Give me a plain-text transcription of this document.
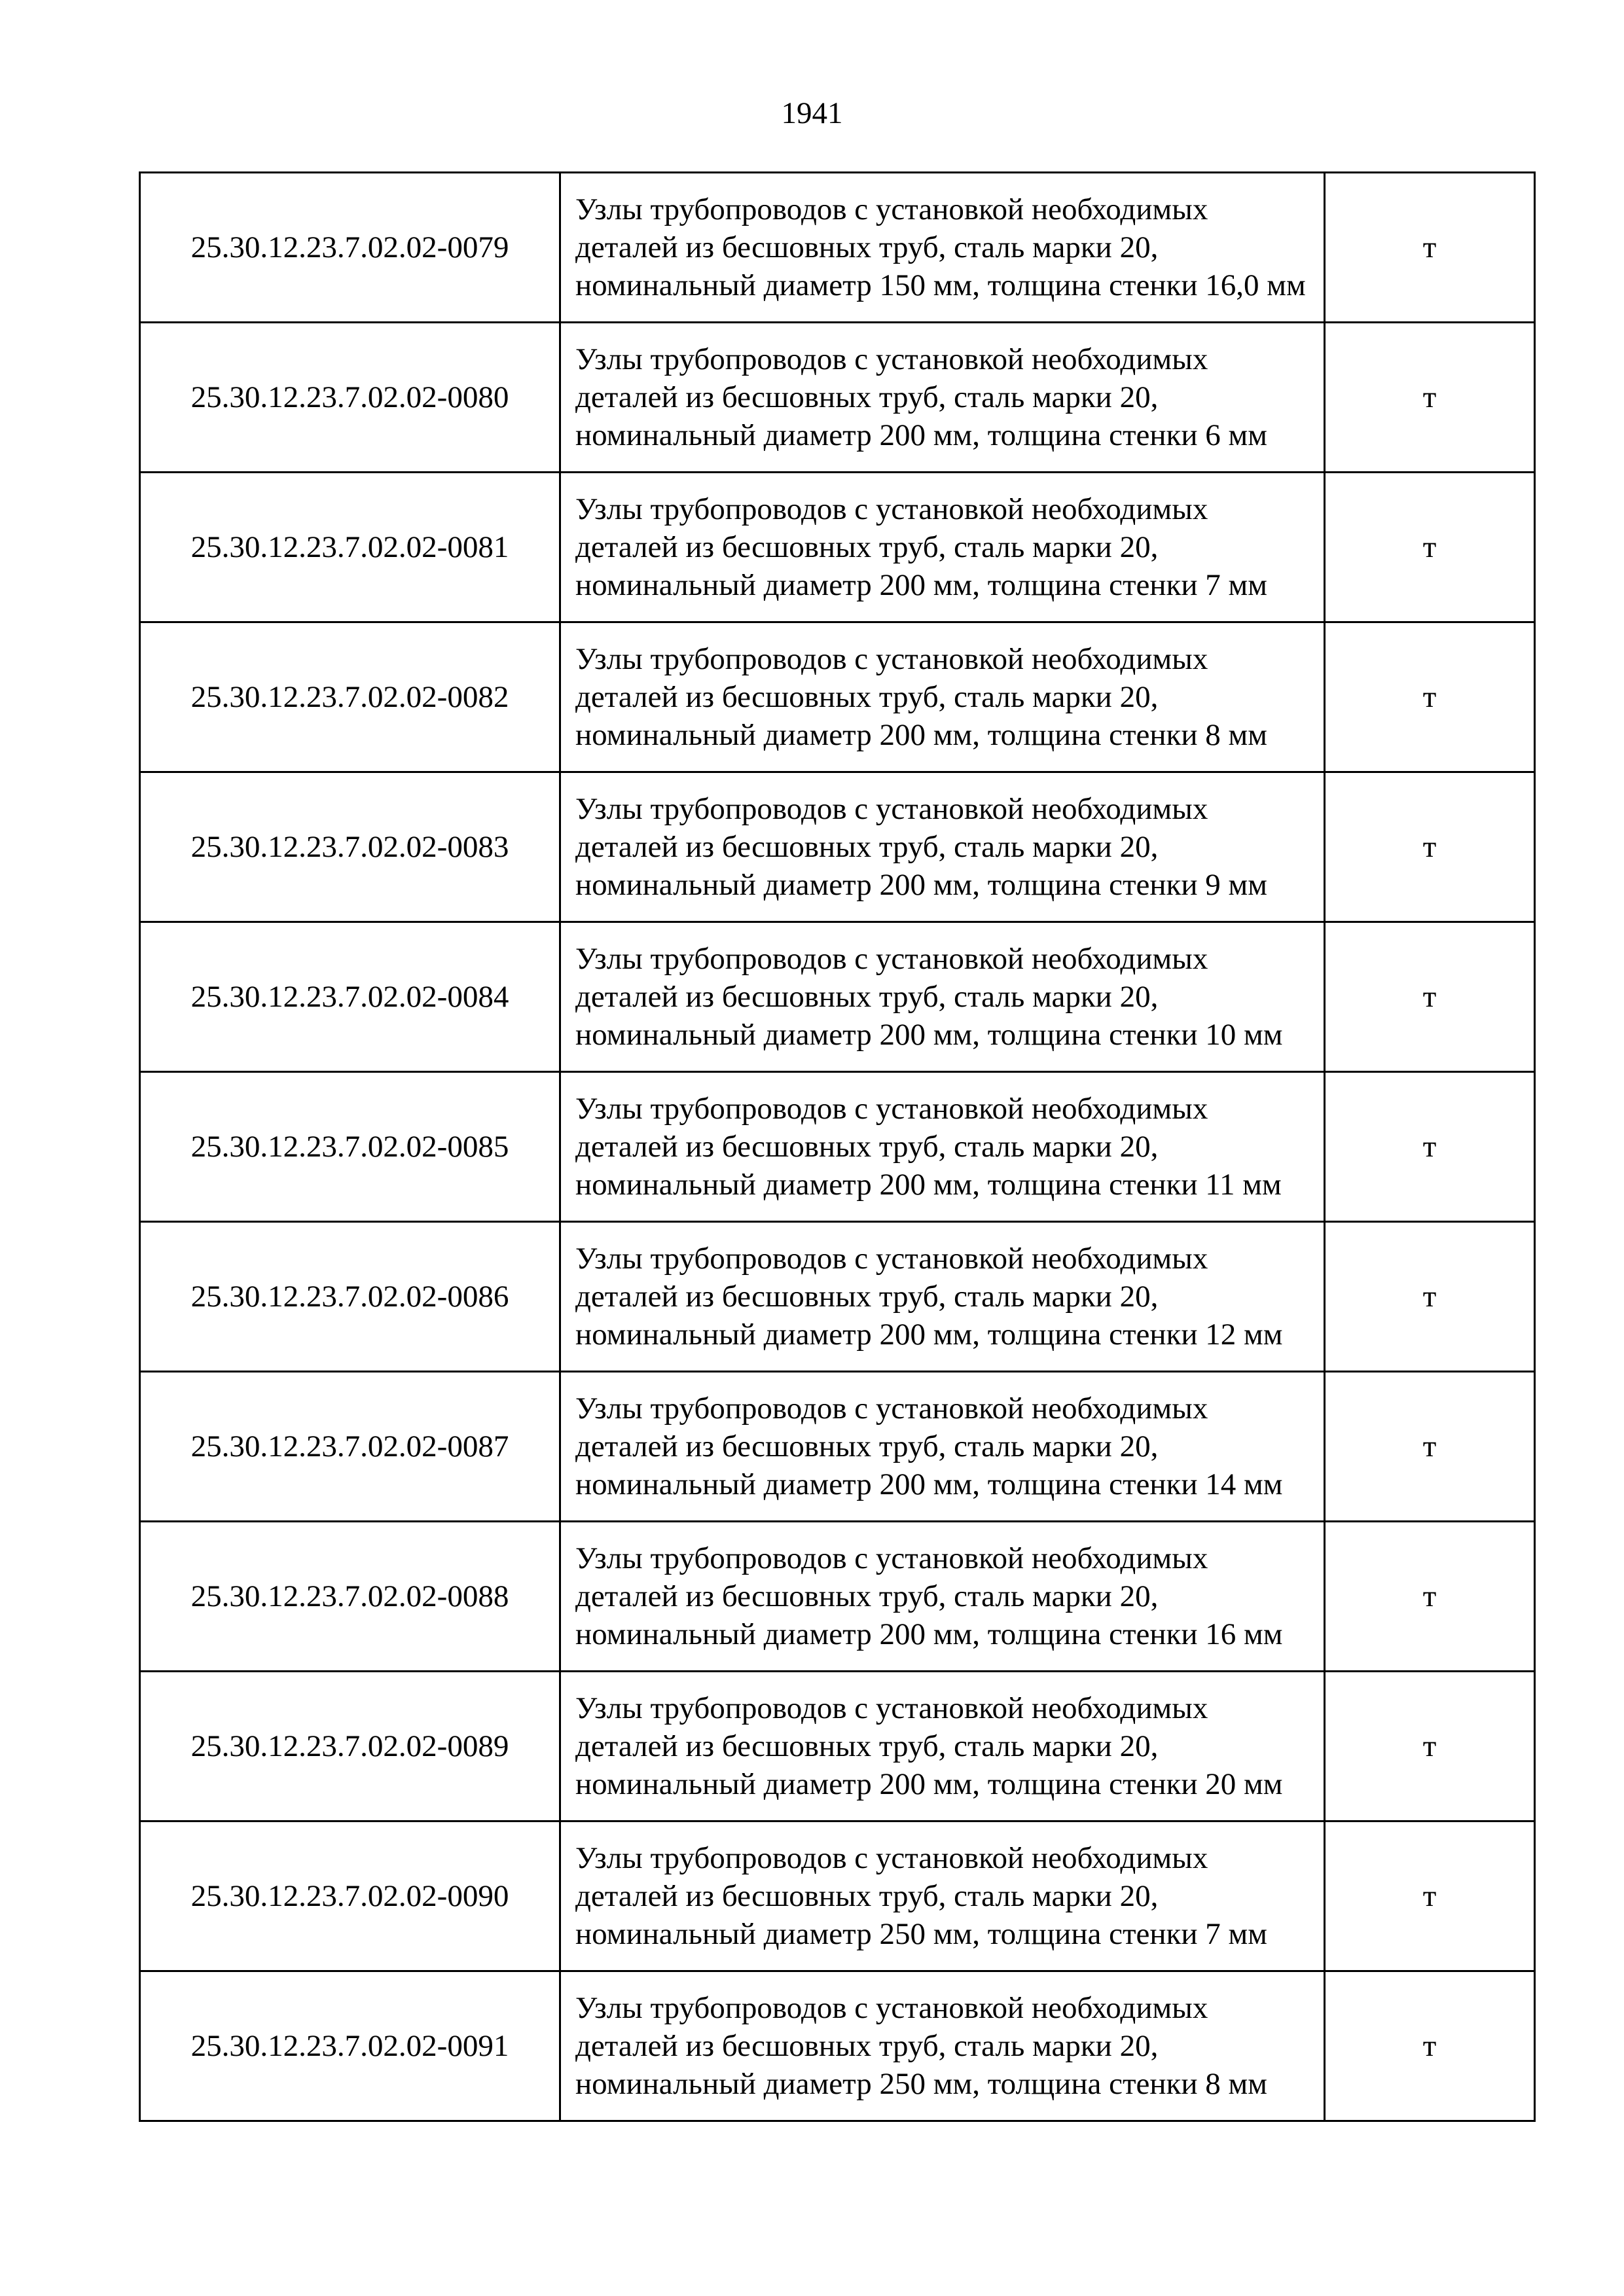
1941
25.30.12.23.7.02.02-0079	Узлы трубопроводов с установкой необходимых деталей из бесшовных труб, сталь марки 20, номинальный диаметр 150 мм, толщина стенки 16,0 мм	т
25.30.12.23.7.02.02-0080	Узлы трубопроводов с установкой необходимых деталей из бесшовных труб, сталь марки 20, номинальный диаметр 200 мм, толщина стенки 6 мм	т
25.30.12.23.7.02.02-0081	Узлы трубопроводов с установкой необходимых деталей из бесшовных труб, сталь марки 20, номинальный диаметр 200 мм, толщина стенки 7 мм	т
25.30.12.23.7.02.02-0082	Узлы трубопроводов с установкой необходимых деталей из бесшовных труб, сталь марки 20, номинальный диаметр 200 мм, толщина стенки 8 мм	т
25.30.12.23.7.02.02-0083	Узлы трубопроводов с установкой необходимых деталей из бесшовных труб, сталь марки 20, номинальный диаметр 200 мм, толщина стенки 9 мм	т
25.30.12.23.7.02.02-0084	Узлы трубопроводов с установкой необходимых деталей из бесшовных труб, сталь марки 20, номинальный диаметр 200 мм, толщина стенки 10 мм	т
25.30.12.23.7.02.02-0085	Узлы трубопроводов с установкой необходимых деталей из бесшовных труб, сталь марки 20, номинальный диаметр 200 мм, толщина стенки 11 мм	т
25.30.12.23.7.02.02-0086	Узлы трубопроводов с установкой необходимых деталей из бесшовных труб, сталь марки 20, номинальный диаметр 200 мм, толщина стенки 12 мм	т
25.30.12.23.7.02.02-0087	Узлы трубопроводов с установкой необходимых деталей из бесшовных труб, сталь марки 20, номинальный диаметр 200 мм, толщина стенки 14 мм	т
25.30.12.23.7.02.02-0088	Узлы трубопроводов с установкой необходимых деталей из бесшовных труб, сталь марки 20, номинальный диаметр 200 мм, толщина стенки 16 мм	т
25.30.12.23.7.02.02-0089	Узлы трубопроводов с установкой необходимых деталей из бесшовных труб, сталь марки 20, номинальный диаметр 200 мм, толщина стенки 20 мм	т
25.30.12.23.7.02.02-0090	Узлы трубопроводов с установкой необходимых деталей из бесшовных труб, сталь марки 20, номинальный диаметр 250 мм, толщина стенки 7 мм	т
25.30.12.23.7.02.02-0091	Узлы трубопроводов с установкой необходимых деталей из бесшовных труб, сталь марки 20, номинальный диаметр 250 мм, толщина стенки 8 мм	т
